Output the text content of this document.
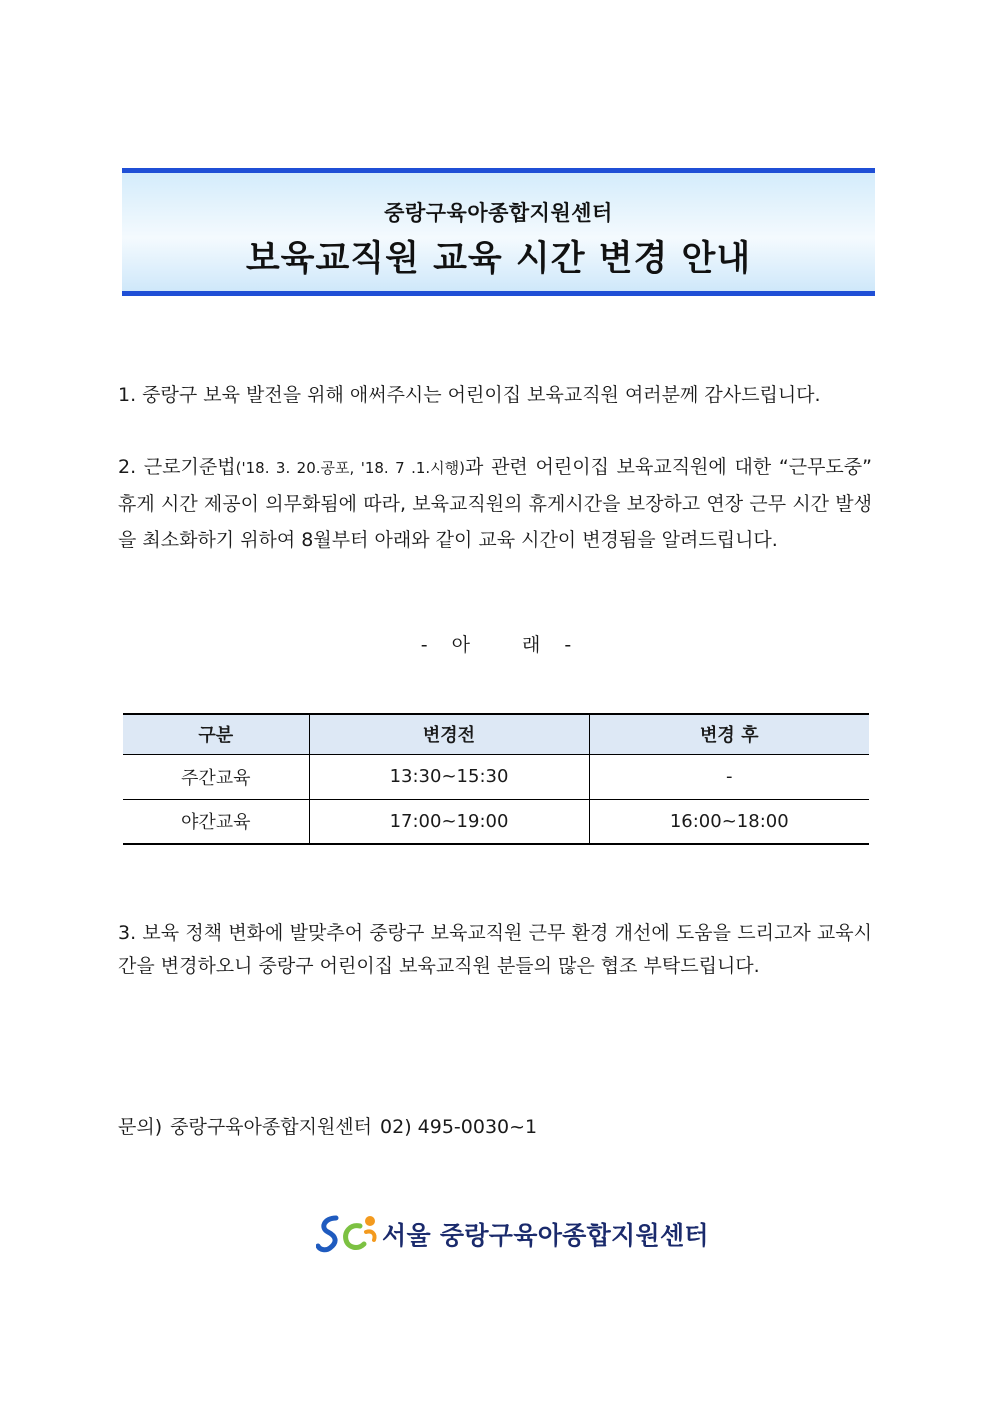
중랑구육아종합지원센터
보육교직원 교육 시간 변경 안내

1. 중랑구 보육 발전을 위해 애써주시는 어린이집 보육교직원 여러분께 감사드립니다.

2. 근로기준법('18. 3. 20.공포, '18. 7 .1.시행)과 관련 어린이집 보육교직원에 대한 “근무도중” 휴게 시간 제공이 의무화됨에 따라, 보육교직원의 휴게시간을 보장하고 연장 근무 시간 발생을 최소화하기 위하여 8월부터 아래와 같이 교육 시간이 변경됨을 알려드립니다.

- 아	래 -
구분	변경전	변경 후
주간교육	13:30~15:30	-
야간교육	17:00~19:00	16:00~18:00

3. 보육 정책 변화에 발맞추어 중랑구 보육교직원 근무 환경 개선에 도움을 드리고자 교육시간을 변경하오니 중랑구 어린이집 보육교직원 분들의 많은 협조 부탁드립니다.

문의) 중랑구육아종합지원센터 02) 495-0030~1
서울 중랑구육아종합지원센터
